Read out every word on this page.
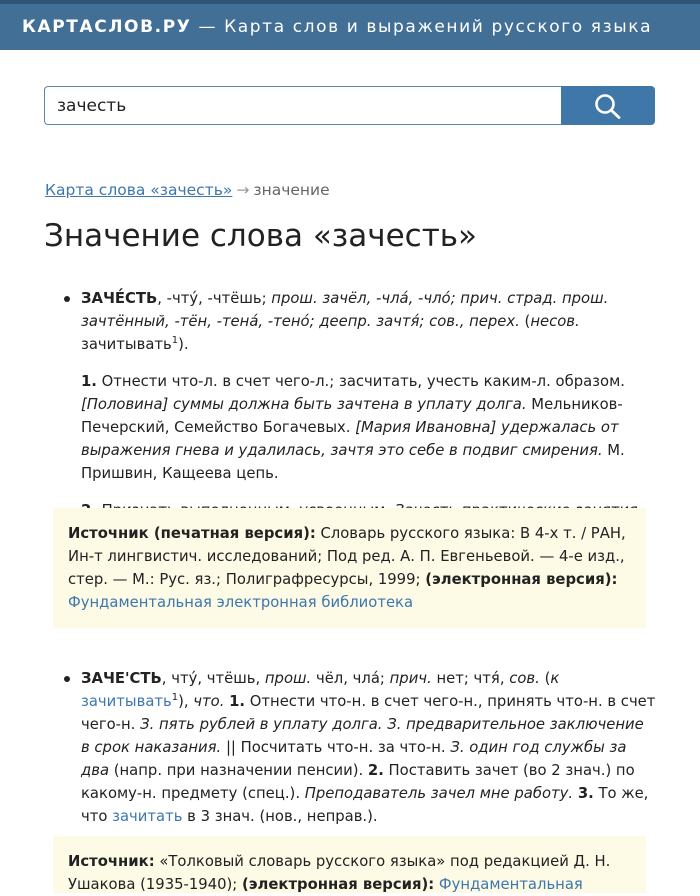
КАРТАСЛОВ.РУ — Карта слов и выражений русского языка
зачесть
Карта слова «зачесть» → значение
Значение слова «зачесть»

ЗАЧЕ́СТЬ, -чту́, -чтёшь; прош. зачёл, -чла́, -чло́; прич. страд. прош. зачтённый, -тён, -тена́, -тено́; деепр. зачтя́; сов., перех. (несов. зачитывать$^1$).

1. Отнести что-л. в счет чего-л.; засчитать, учесть каким-л. образом. [Половина] суммы должна быть зачтена в уплату долга. Мельников-Печерский, Семейство Богачевых. [Мария Ивановна] удержалась от выражения гнева и удалилась, зачтя это себе в подвиг смирения. М. Пришвин, Кащеева цепь.

Источник (печатная версия): Словарь русского языка: В 4-х т. / РАН, Ин-т лингвистич. исследований; Под ред. А. П. Евгеньевой. — 4-е изд., стер. — М.: Рус. яз.; Полиграфресурсы, 1999; (электронная версия):
Фундаментальная электронная библиотека

ЗАЧЕ'СТЬ, чту́, чтёшь, прош. чёл, чла́; прич. нет; чтя́, сов. (к зачитывать$^1$), что. 1. Отнести что-н. в счет чего-н., принять что-н. в счет чего-н. З. пять рублей в уплату долга. З. предварительное заключение в срок наказания. || Посчитать что-н. за что-н. З. один год службы за два (напр. при назначении пенсии). 2. Поставить зачет (во 2 знач.) по какому-н. предмету (спец.). Преподаватель зачел мне работу. 3. То же, что зачитать в 3 знач. (нов., неправ.).

Источник: «Толковый словарь русского языка» под редакцией Д. Н. Ушакова (1935-1940); (электронная версия): Фундаментальная
